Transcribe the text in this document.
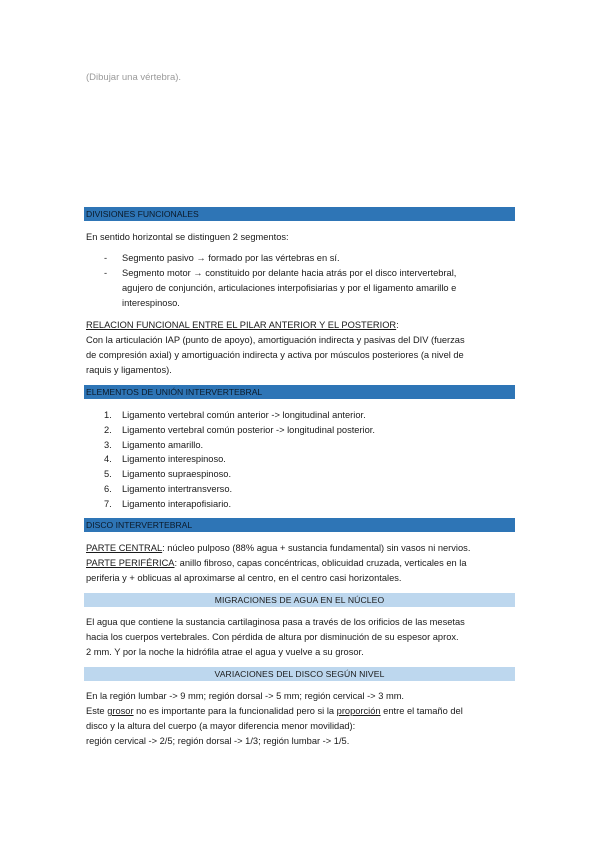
(Dibujar una vértebra).
DIVISIONES FUNCIONALES
En sentido horizontal se distinguen 2 segmentos:
-	Segmento pasivo → formado por las vértebras en sí.
-	Segmento motor → constituido por delante hacia atrás por el disco intervertebral,
agujero de conjunción, articulaciones interpofisiarias y por el ligamento amarillo e
interespinoso.
RELACION FUNCIONAL ENTRE EL PILAR ANTERIOR Y EL POSTERIOR:
Con la articulación IAP (punto de apoyo), amortiguación indirecta y pasivas del DIV (fuerzas
de compresión axial) y amortiguación indirecta y activa por músculos posteriores (a nivel de
raquis y ligamentos).
ELEMENTOS DE UNIÓN INTERVERTEBRAL
1.	Ligamento vertebral común anterior -> longitudinal anterior.
2.	Ligamento vertebral común posterior -> longitudinal posterior.
3.	Ligamento amarillo.
4.	Ligamento interespinoso.
5.	Ligamento supraespinoso.
6.	Ligamento intertransverso.
7.	Ligamento interapofisiario.
DISCO INTERVERTEBRAL
PARTE CENTRAL: núcleo pulposo (88% agua + sustancia fundamental) sin vasos ni nervios.
PARTE PERIFÉRICA: anillo fibroso, capas concéntricas, oblicuidad cruzada, verticales en la
periferia y + oblicuas al aproximarse al centro, en el centro casi horizontales.
MIGRACIONES DE AGUA EN EL NÚCLEO
El agua que contiene la sustancia cartilaginosa pasa a través de los orificios de las mesetas
hacia los cuerpos vertebrales. Con pérdida de altura por disminución de su espesor aprox.
2 mm. Y por la noche la hidrófila atrae el agua y vuelve a su grosor.
VARIACIONES DEL DISCO SEGÚN NIVEL
En la región lumbar -> 9 mm; región dorsal -> 5 mm; región cervical -> 3 mm.
Este grosor no es importante para la funcionalidad pero si la proporción entre el tamaño del
disco y la altura del cuerpo (a mayor diferencia menor movilidad):
región cervical -> 2/5; región dorsal -> 1/3; región lumbar -> 1/5.
